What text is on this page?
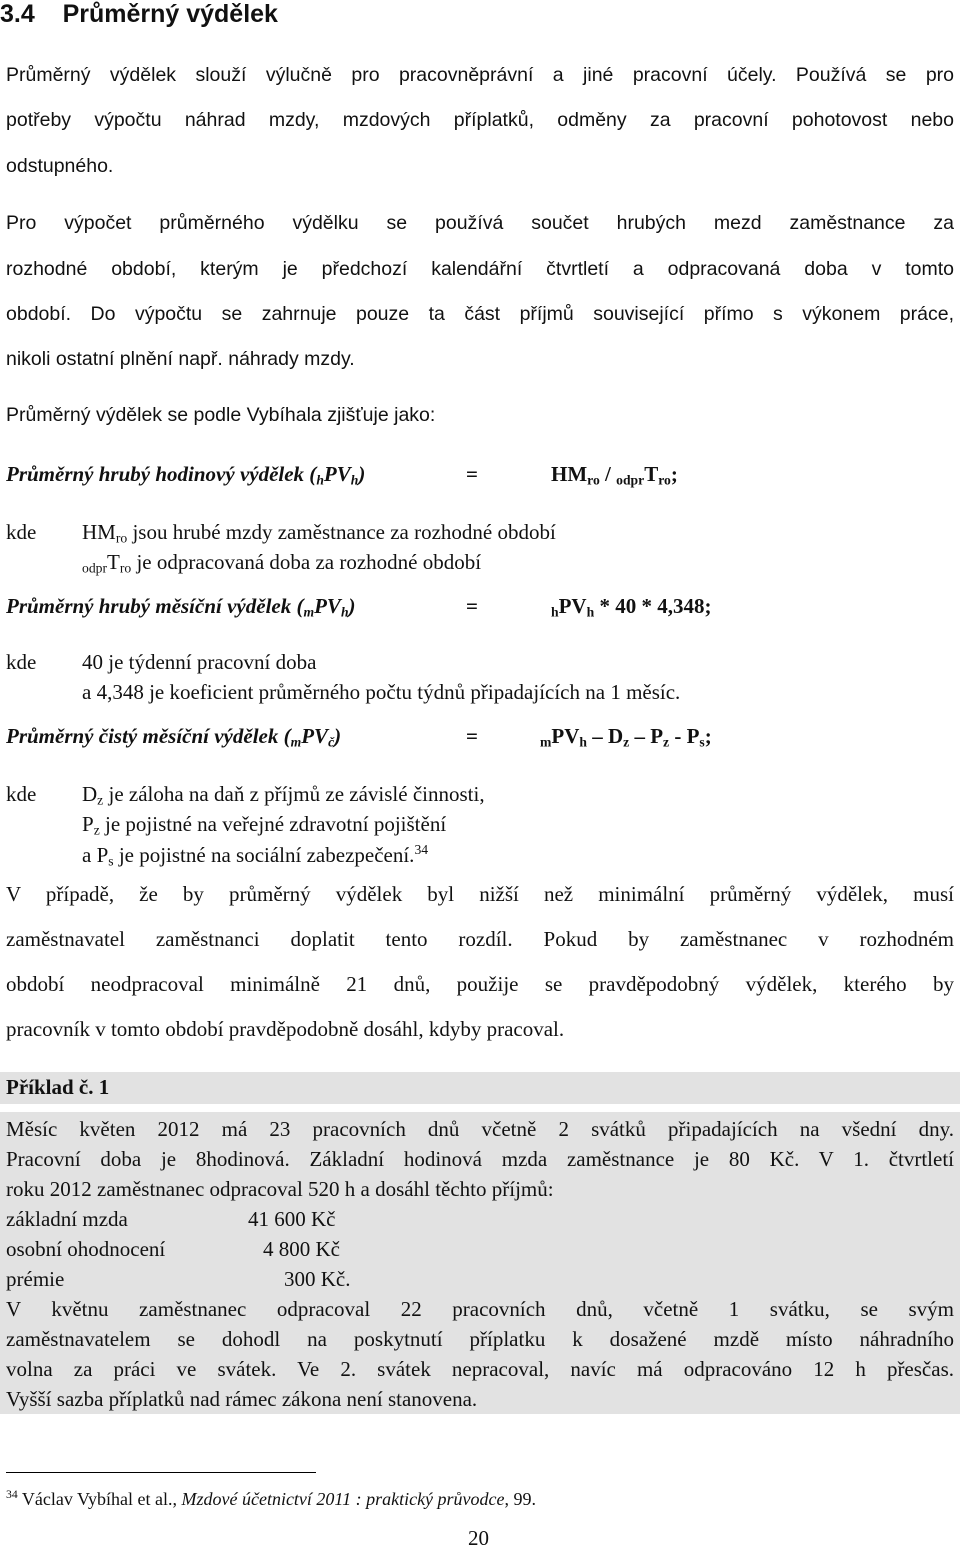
3.4 Průměrný výdělek
Průměrný výdělek slouží výlučně pro pracovněprávní a jiné pracovní účely. Používá se pro
potřeby výpočtu náhrad mzdy, mzdových příplatků, odměny za pracovní pohotovost nebo
odstupného.
Pro výpočet průměrného výdělku se používá součet hrubých mezd zaměstnance za
rozhodné období, kterým je předchozí kalendářní čtvrtletí a odpracovaná doba v tomto
období. Do výpočtu se zahrnuje pouze ta část příjmů související přímo s výkonem práce,
nikoli ostatní plnění např. náhrady mzdy.
Průměrný výdělek se podle Vybíhala zjišťuje jako:
Průměrný hrubý hodinový výdělek $(_hPV_h)$	=	$HM_{ro} / _{odpr}T_{ro}$;
kde $HM_{ro}$ jsou hrubé mzdy zaměstnance za rozhodné období
$_{odpr}T_{ro}$ je odpracovaná doba za rozhodné období
Průměrný hrubý měsíční výdělek $(_mPV_h)$	=	$_hPV_h * 40 * 4,348$;
kde 40 je týdenní pracovní doba
a 4,348 je koeficient průměrného počtu týdnů připadajících na 1 měsíc.
Průměrný čistý měsíční výdělek $(_mPV_č)$	=	$_mPV_h - D_z - P_z - P_s$;
kde $D_z$ je záloha na daň z příjmů ze závislé činnosti,
$P_z$ je pojistné na veřejné zdravotní pojištění
a $P_s$ je pojistné na sociální zabezpečení.$^{34}$
V případě, že by průměrný výdělek byl nižší než minimální průměrný výdělek, musí
zaměstnavatel zaměstnanci doplatit tento rozdíl. Pokud by zaměstnanec v rozhodném
období neodpracoval minimálně 21 dnů, použije se pravděpodobný výdělek, kterého by
pracovník v tomto období pravděpodobně dosáhl, kdyby pracoval.
Příklad č. 1
Měsíc květen 2012 má 23 pracovních dnů včetně 2 svátků připadajících na všední dny.
Pracovní doba je 8hodinová. Základní hodinová mzda zaměstnance je 80 Kč. V 1. čtvrtletí
roku 2012 zaměstnanec odpracoval 520 h a dosáhl těchto příjmů:
základní mzda	41 600 Kč
osobní ohodnocení	4 800 Kč
prémie	300 Kč.
V květnu zaměstnanec odpracoval 22 pracovních dnů, včetně 1 svátku, se svým
zaměstnavatelem se dohodl na poskytnutí příplatku k dosažené mzdě místo náhradního
volna za práci ve svátek. Ve 2. svátek nepracoval, navíc má odpracováno 12 h přesčas.
Vyšší sazba příplatků nad rámec zákona není stanovena.
$^{34}$ Václav Vybíhal et al., Mzdové účetnictví 2011 : praktický průvodce, 99.
20
